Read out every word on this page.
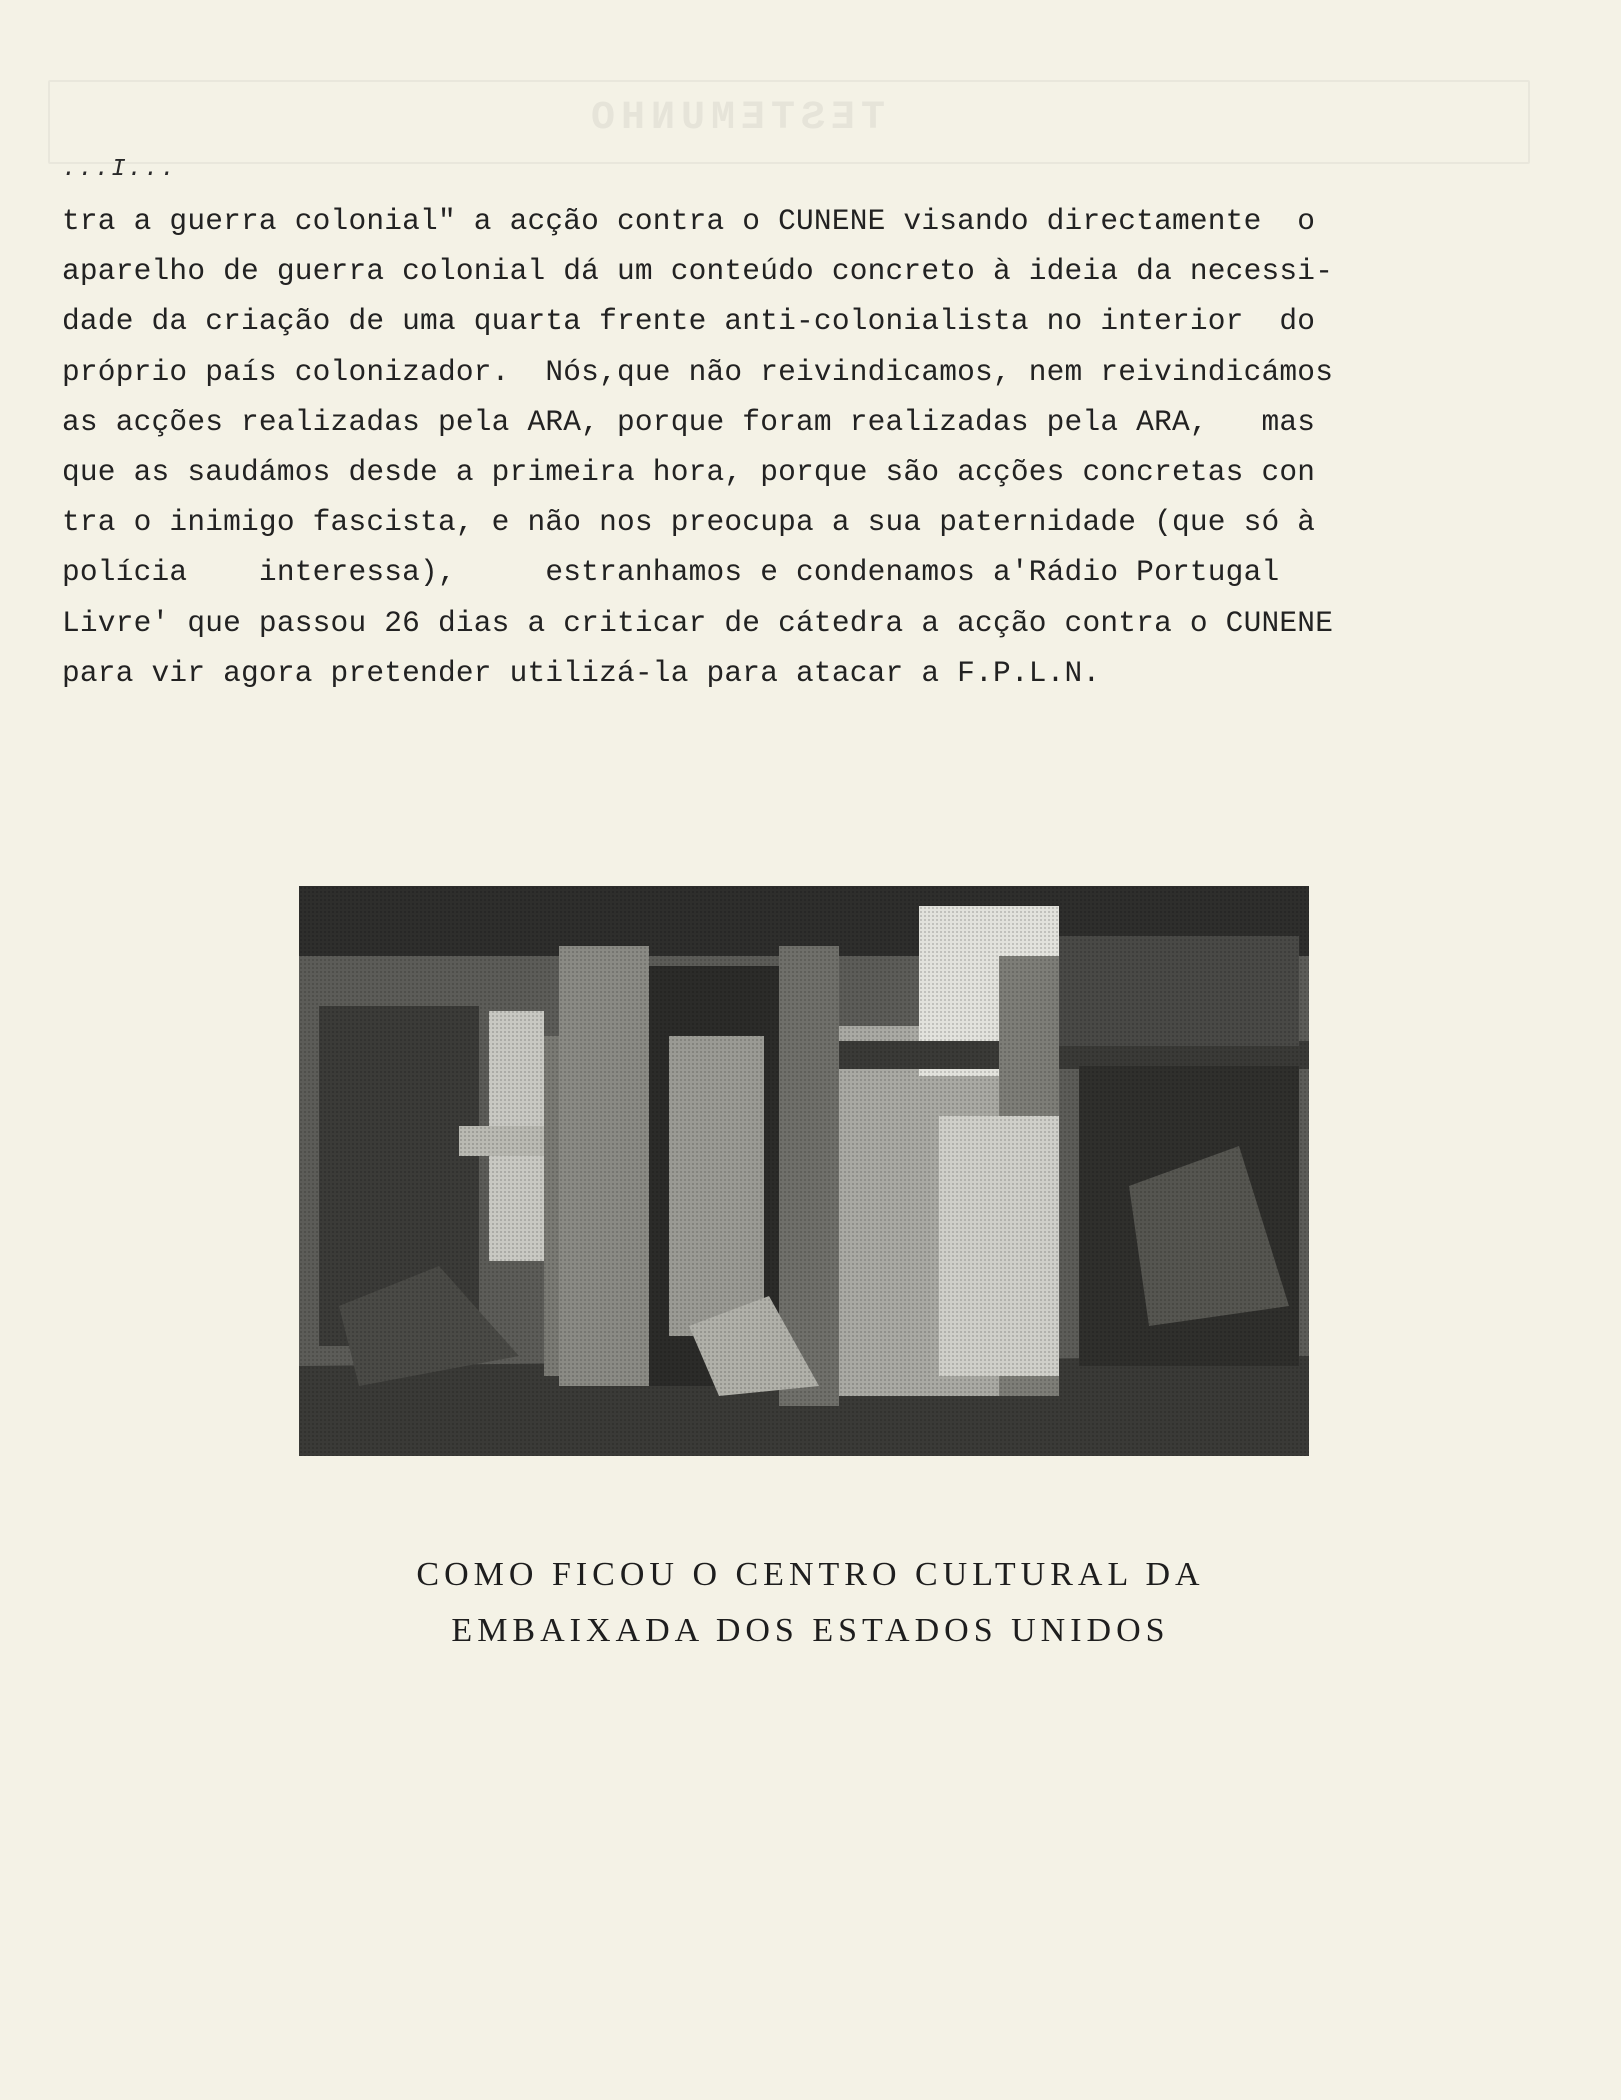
TESTEMUNHO
...I...
tra a guerra colonial" a acção contra o CUNENE visando directamente  o
aparelho de guerra colonial dá um conteúdo concreto à ideia da necessi-
dade da criação de uma quarta frente anti-colonialista no interior  do
próprio país colonizador.  Nós,que não reivindicamos, nem reivindicámos
as acções realizadas pela ARA, porque foram realizadas pela ARA,   mas
que as saudámos desde a primeira hora, porque são acções concretas con
tra o inimigo fascista, e não nos preocupa a sua paternidade (que só à
polícia    interessa),     estranhamos e condenamos a'Rádio Portugal
Livre' que passou 26 dias a criticar de cátedra a acção contra o CUNENE
para vir agora pretender utilizá-la para atacar a F.P.L.N.
COMO FICOU O CENTRO CULTURAL DA
EMBAIXADA DOS ESTADOS UNIDOS
